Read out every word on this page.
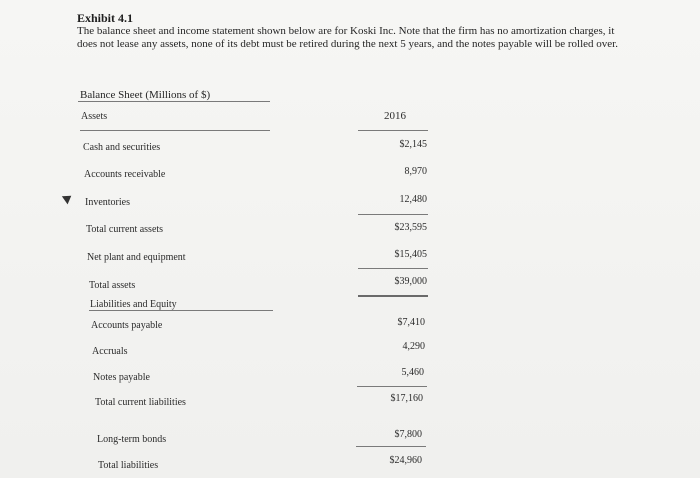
Exhibit 4.1
The balance sheet and income statement shown below are for Koski Inc. Note that the firm has no amortization charges, it does not lease any assets, none of its debt must be retired during the next 5 years, and the notes payable will be rolled over.
Balance Sheet (Millions of $)
Assets	2016
Cash and securities	$2,145
Accounts receivable	8,970
Inventories	12,480
Total current assets	$23,595
Net plant and equipment	$15,405
Total assets	$39,000
Liabilities and Equity
Accounts payable	$7,410
Accruals	4,290
Notes payable	5,460
Total current liabilities	$17,160
Long-term bonds	$7,800
Total liabilities	$24,960
